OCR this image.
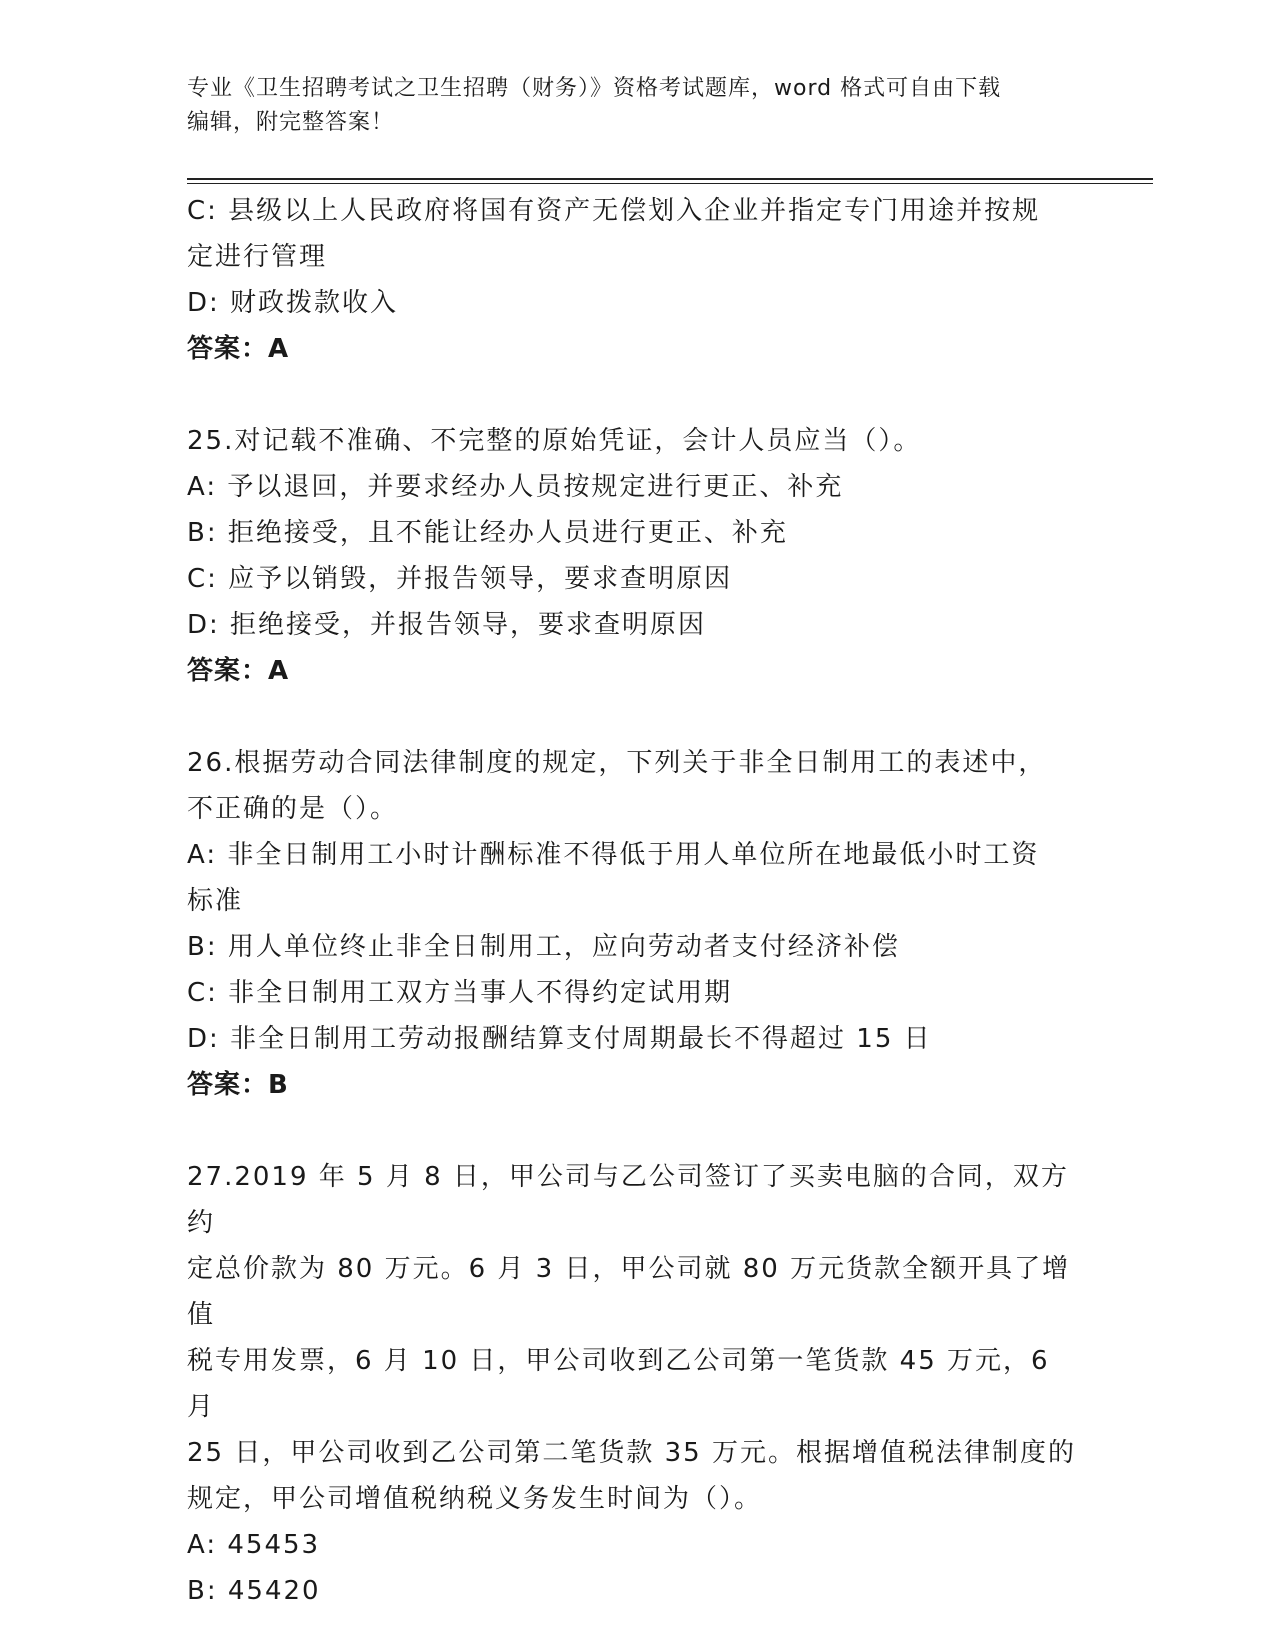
专业《卫生招聘考试之卫生招聘（财务）》资格考试题库，word 格式可自由下载
编辑，附完整答案！
C: 县级以上人民政府将国有资产无偿划入企业并指定专门用途并按规
定进行管理
D: 财政拨款收入
答案：A
25.对记载不准确、不完整的原始凭证，会计人员应当（）。
A: 予以退回，并要求经办人员按规定进行更正、补充
B: 拒绝接受，且不能让经办人员进行更正、补充
C: 应予以销毁，并报告领导，要求查明原因
D: 拒绝接受，并报告领导，要求查明原因
答案：A
26.根据劳动合同法律制度的规定，下列关于非全日制用工的表述中，
不正确的是（）。
A: 非全日制用工小时计酬标准不得低于用人单位所在地最低小时工资
标准
B: 用人单位终止非全日制用工，应向劳动者支付经济补偿
C: 非全日制用工双方当事人不得约定试用期
D: 非全日制用工劳动报酬结算支付周期最长不得超过 15 日
答案：B
27.2019 年 5 月 8 日，甲公司与乙公司签订了买卖电脑的合同，双方约
定总价款为 80 万元。6 月 3 日，甲公司就 80 万元货款全额开具了增值
税专用发票，6 月 10 日，甲公司收到乙公司第一笔货款 45 万元，6 月
25 日，甲公司收到乙公司第二笔货款 35 万元。根据增值税法律制度的
规定，甲公司增值税纳税义务发生时间为（）。
A: 45453
B: 45420
